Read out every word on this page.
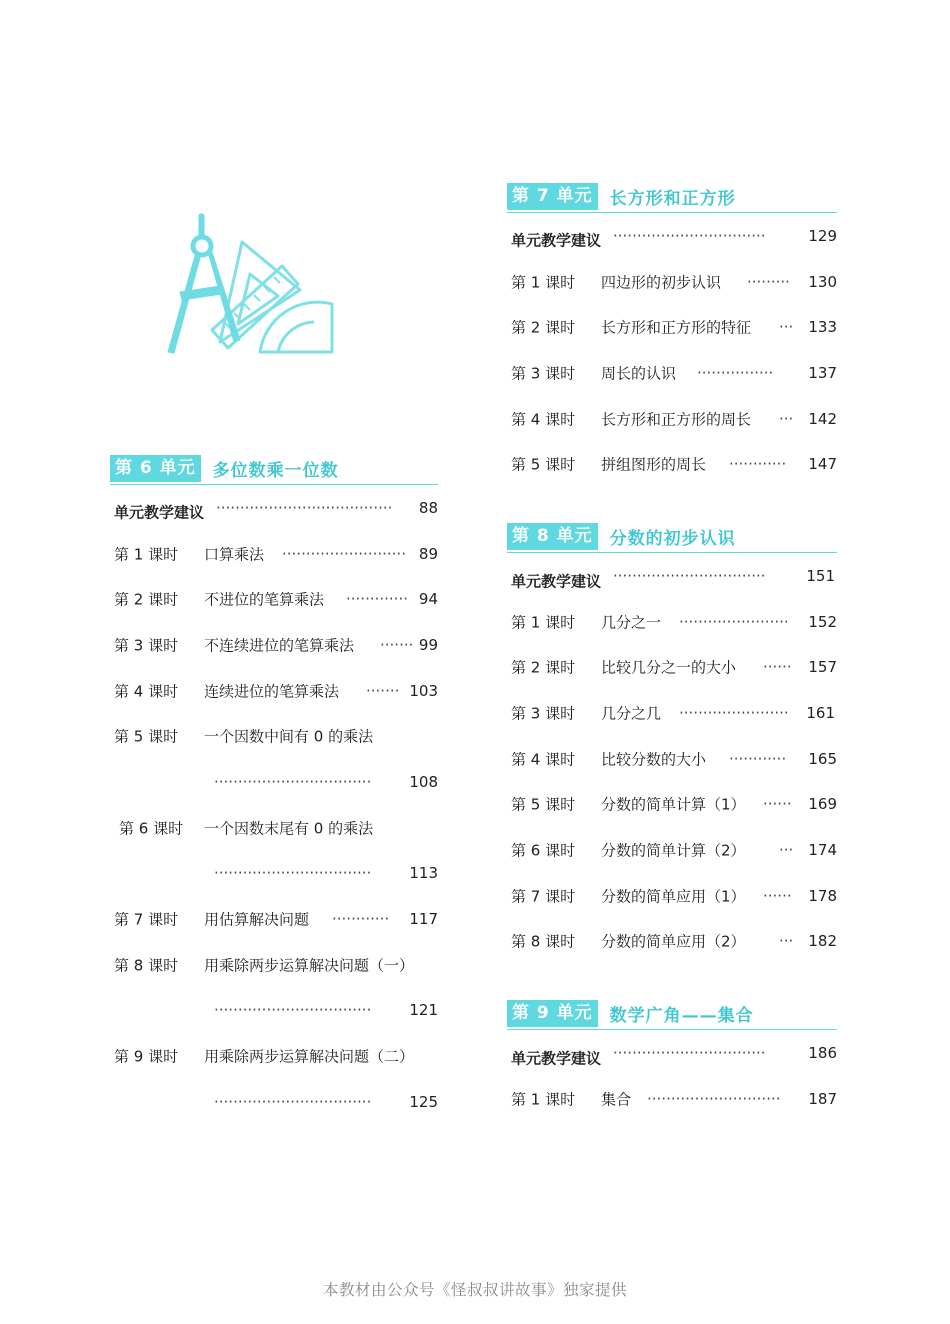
第 6 单元 多位数乘一位数
单元教学建议 ·····································	88
第 1 课时 口算乘法 ·························· 89
第 2 课时 不进位的笔算乘法 ············· 94
第 3 课时 不连续进位的笔算乘法 ······· 99
第 4 课时 连续进位的笔算乘法 ······· 103
第 5 课时 一个因数中间有 0 的乘法
·································	108
第 6 课时 一个因数末尾有 0 的乘法
·································	113
第 7 课时 用估算解决问题 ············	117
第 8 课时 用乘除两步运算解决问题（一）
·································	121
第 9 课时 用乘除两步运算解决问题（二）
·································	125
第 7 单元 长方形和正方形
单元教学建议 ································	129
第 1 课时 四边形的初步认识 ·········	130
第 2 课时 长方形和正方形的特征 ··· 133
第 3 课时 周长的认识 ················	137
第 4 课时 长方形和正方形的周长 ··· 142
第 5 课时 拼组图形的周长 ············	147
第 8 单元 分数的初步认识
单元教学建议 ································	151
第 1 课时 几分之一 ·······················	152
第 2 课时 比较几分之一的大小 ······	157
第 3 课时 几分之几 ·······················	161
第 4 课时 比较分数的大小 ············	165
第 5 课时 分数的简单计算（1） ······	169
第 6 课时 分数的简单计算（2） ··· 174
第 7 课时 分数的简单应用（1） ······	178
第 8 课时 分数的简单应用（2） ··· 182
第 9 单元 数学广角——集合
单元教学建议 ································	186
第 1 课时 集合 ····························	187
本教材由公众号《怪叔叔讲故事》独家提供
